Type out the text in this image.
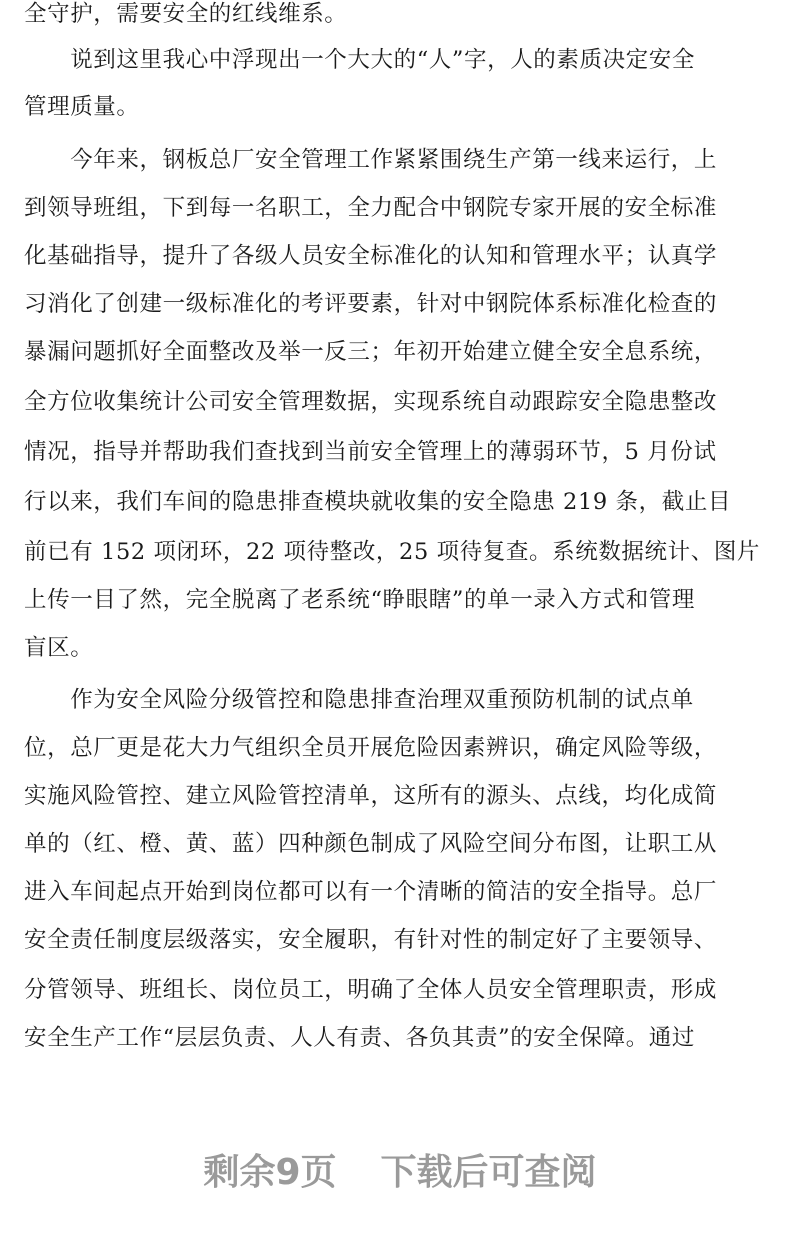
全守护，需要安全的红线维系。
　　说到这里我心中浮现出一个大大的“人”字，人的素质决定安全
管理质量。
　　今年来，钢板总厂安全管理工作紧紧围绕生产第一线来运行，上
到领导班组，下到每一名职工，全力配合中钢院专家开展的安全标准
化基础指导，提升了各级人员安全标准化的认知和管理水平；认真学
习消化了创建一级标准化的考评要素，针对中钢院体系标准化检查的
暴漏问题抓好全面整改及举一反三；年初开始建立健全安全息系统，
全方位收集统计公司安全管理数据，实现系统自动跟踪安全隐患整改
情况，指导并帮助我们查找到当前安全管理上的薄弱环节，5 月份试
行以来，我们车间的隐患排查模块就收集的安全隐患 219 条，截止目
前已有 152 项闭环，22 项待整改，25 项待复查。系统数据统计、图片
上传一目了然，完全脱离了老系统“睁眼瞎”的单一录入方式和管理
盲区。
　　作为安全风险分级管控和隐患排查治理双重预防机制的试点单
位，总厂更是花大力气组织全员开展危险因素辨识，确定风险等级，
实施风险管控、建立风险管控清单，这所有的源头、点线，均化成简
单的（红、橙、黄、蓝）四种颜色制成了风险空间分布图，让职工从
进入车间起点开始到岗位都可以有一个清晰的简洁的安全指导。总厂
安全责任制度层级落实，安全履职，有针对性的制定好了主要领导、
分管领导、班组长、岗位员工，明确了全体人员安全管理职责，形成
安全生产工作“层层负责、人人有责、各负其责”的安全保障。通过
剩余9页 下载后可查阅
